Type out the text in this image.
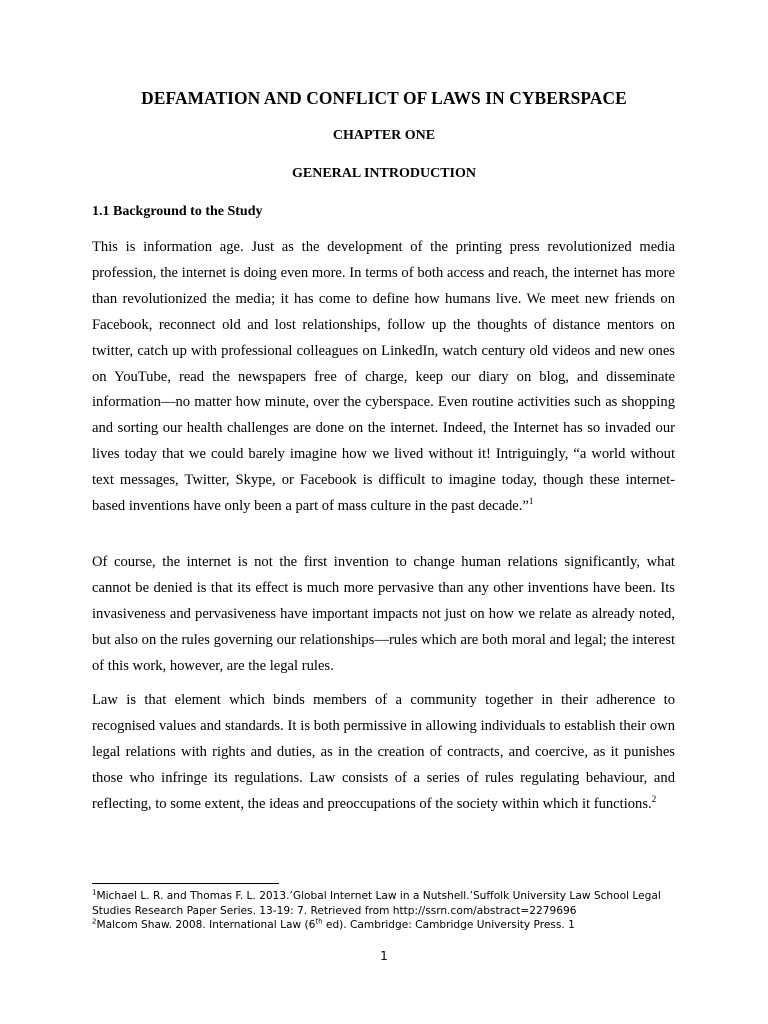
DEFAMATION AND CONFLICT OF LAWS IN CYBERSPACE
CHAPTER ONE
GENERAL INTRODUCTION
1.1 Background to the Study

This is information age. Just as the development of the printing press revolutionized media profession, the internet is doing even more. In terms of both access and reach, the internet has more than revolutionized the media; it has come to define how humans live. We meet new friends on Facebook, reconnect old and lost relationships, follow up the thoughts of distance mentors on twitter, catch up with professional colleagues on LinkedIn, watch century old videos and new ones on YouTube, read the newspapers free of charge, keep our diary on blog, and disseminate information—no matter how minute, over the cyberspace. Even routine activities such as shopping and sorting our health challenges are done on the internet. Indeed, the Internet has so invaded our lives today that we could barely imagine how we lived without it! Intriguingly, “a world without text messages, Twitter, Skype, or Facebook is difficult to imagine today, though these internet-based inventions have only been a part of mass culture in the past decade.”$^1$

Of course, the internet is not the first invention to change human relations significantly, what cannot be denied is that its effect is much more pervasive than any other inventions have been. Its invasiveness and pervasiveness have important impacts not just on how we relate as already noted, but also on the rules governing our relationships—rules which are both moral and legal; the interest of this work, however, are the legal rules.

Law is that element which binds members of a community together in their adherence to recognised values and standards. It is both permissive in allowing individuals to establish their own legal relations with rights and duties, as in the creation of contracts, and coercive, as it punishes those who infringe its regulations. Law consists of a series of rules regulating behaviour, and reflecting, to some extent, the ideas and preoccupations of the society within which it functions.$^2$

$^1$Michael L. R. and Thomas F. L. 2013.’Global Internet Law in a Nutshell.’Suffolk University Law School Legal Studies Research Paper Series. 13-19: 7. Retrieved from http://ssrn.com/abstract=2279696

$^2$Malcom Shaw. 2008. International Law (6th ed). Cambridge: Cambridge University Press. 1

1
